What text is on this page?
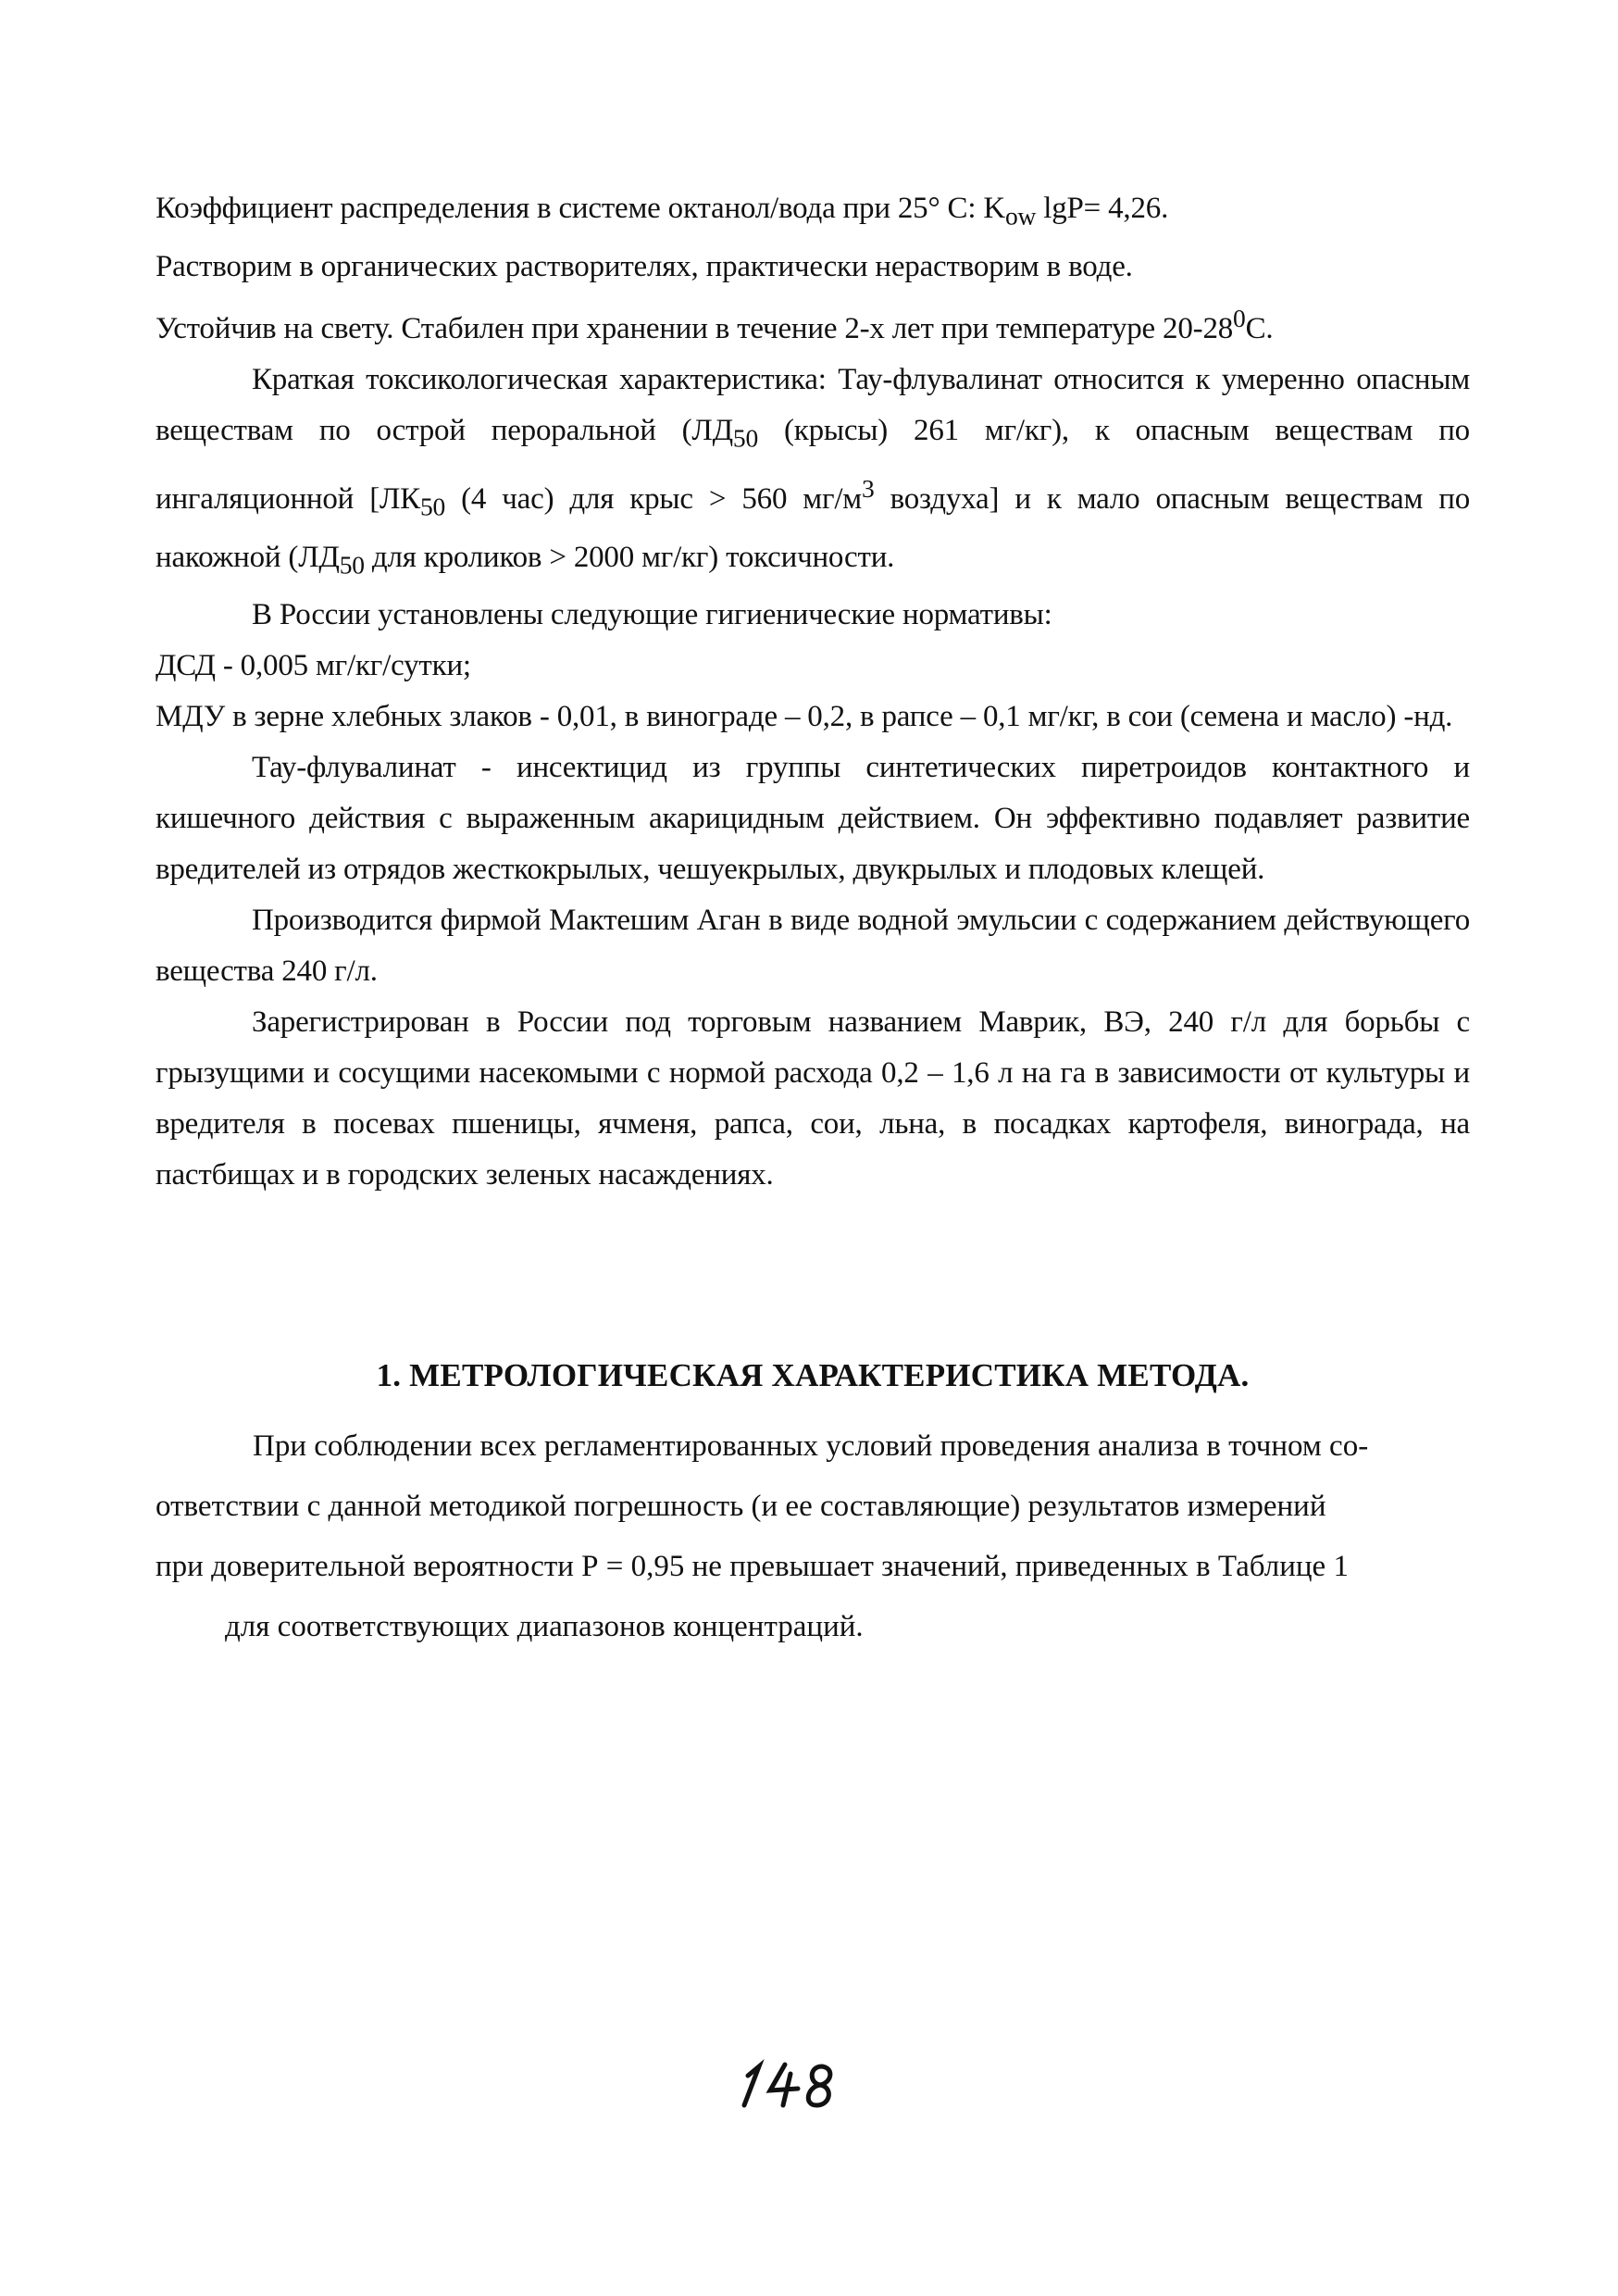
Коэффициент распределения в системе октанол/вода при 25° С: $K_{ow}$ lgP= 4,26.

Растворим в органических растворителях, практически нерастворим в воде.

Устойчив на свету. Стабилен при хранении в течение 2-х лет при температуре $20-28^0С$.

Краткая токсикологическая характеристика: Тау-флувалинат относится к умеренно опасным веществам по острой пероральной ($ЛД_{50}$ (крысы) 261 мг/кг), к опасным веществам по ингаляционной [$ЛК_{50}$ (4 час) для крыс > 560 $мг/м^3$ воздуха] и к мало опасным веществам по накожной ($ЛД_{50}$ для кроликов > 2000 мг/кг) токсичности.

В России установлены следующие гигиенические нормативы:

ДСД - 0,005 мг/кг/сутки;

МДУ в зерне хлебных злаков - 0,01, в винограде – 0,2, в рапсе – 0,1 мг/кг, в сои (семена и масло) -нд.

Тау-флувалинат - инсектицид из группы синтетических пиретроидов контактного и кишечного действия с выраженным акарицидным действием. Он эффективно подавляет развитие вредителей из отрядов жесткокрылых, чешуекрылых, двукрылых и плодовых клещей.

Производится фирмой Мактешим Аган в виде водной эмульсии с содержанием действующего вещества 240 г/л.

Зарегистрирован в России под торговым названием Маврик, ВЭ, 240 г/л для борьбы с грызущими и сосущими насекомыми с нормой расхода 0,2 – 1,6 л на га в зависимости от культуры и вредителя в посевах пшеницы, ячменя, рапса, сои, льна, в посадках картофеля, винограда, на пастбищах и в городских зеленых насаждениях.

1. МЕТРОЛОГИЧЕСКАЯ ХАРАКТЕРИСТИКА МЕТОДА.

При соблюдении всех регламентированных условий проведения анализа в точном со-

ответствии с данной методикой погрешность (и ее составляющие) результатов измерений

при доверительной вероятности Р = 0,95 не превышает значений, приведенных в Таблице 1

для соответствующих диапазонов концентраций.
